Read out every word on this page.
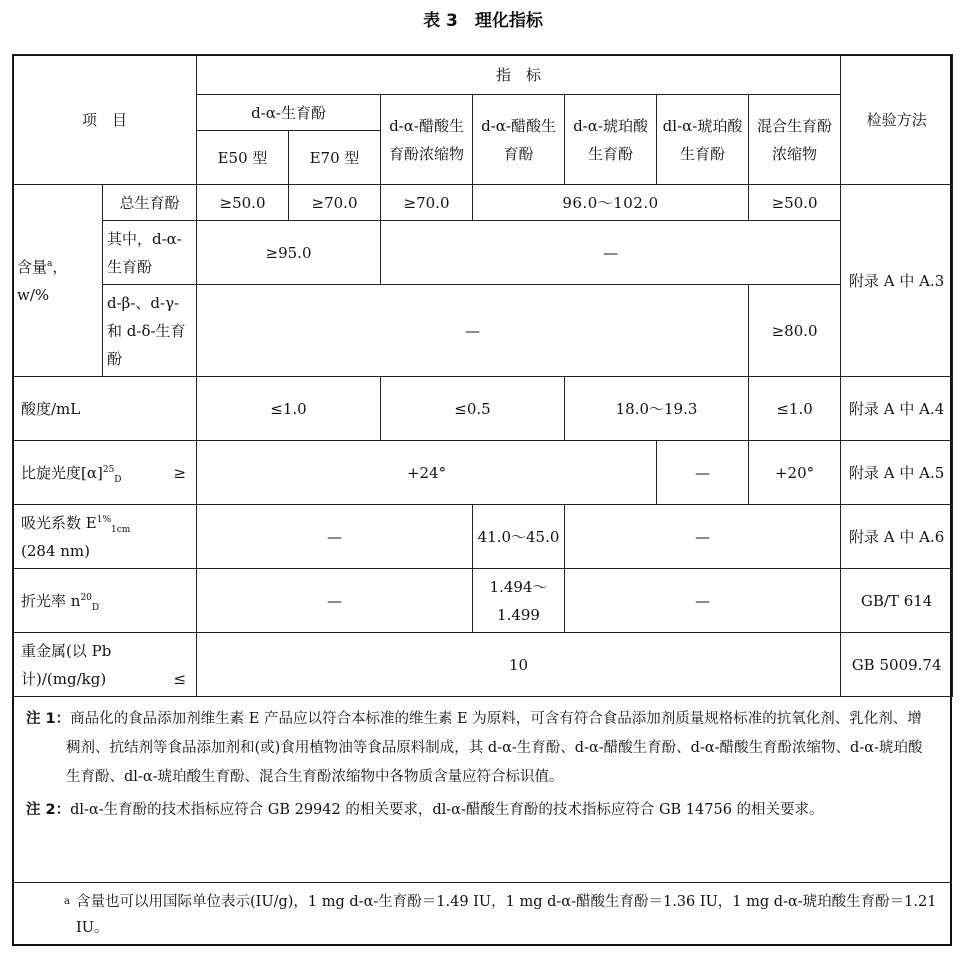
表 3　理化指标
项　目		指　标							检验方法
		d-α-生育酚		d-α-醋酸生育酚浓缩物	d-α-醋酸生育酚	d-α-琥珀酸生育酚	dl-α-琥珀酸生育酚	混合生育酚浓缩物	
		E50 型	E70 型						
含量$^a$，w/%	总生育酚	≥50.0	≥70.0	≥70.0	96.0～102.0			≥50.0	附录 A 中 A.3
	其中，d-α-生育酚	≥95.0		—					
	d-β-、d-γ-和 d-δ-生育酚	—						≥80.0	
酸度/mL		≤1.0		≤0.5		18.0～19.3		≤1.0	附录 A 中 A.4
比旋光度$[\alpha]^{25}_D$ ≥		+24°					—	+20°	附录 A 中 A.5
吸光系数 $E^{1\%}_{1cm}$
(284 nm)		—			41.0～45.0	—			附录 A 中 A.6
折光率 $n^{20}_D$		—			1.494～1.499	—			GB/T 614
重金属(以 Pb 计)/(mg/kg) ≤		10							GB 5009.74

注 1：商品化的食品添加剂维生素 E 产品应以符合本标准的维生素 E 为原料，可含有符合食品添加剂质量规格标准的抗氧化剂、乳化剂、增稠剂、抗结剂等食品添加剂和(或)食用植物油等食品原料制成，其 d-α-生育酚、d-α-醋酸生育酚、d-α-醋酸生育酚浓缩物、d-α-琥珀酸生育酚、dl-α-琥珀酸生育酚、混合生育酚浓缩物中各物质含量应符合标识值。

注 2：dl-α-生育酚的技术指标应符合 GB 29942 的相关要求，dl-α-醋酸生育酚的技术指标应符合 GB 14756 的相关要求。

a 含量也可以用国际单位表示(IU/g)，1 mg d-α-生育酚＝1.49 IU，1 mg d-α-醋酸生育酚＝1.36 IU，1 mg d-α-琥珀酸生育酚＝1.21 IU。
